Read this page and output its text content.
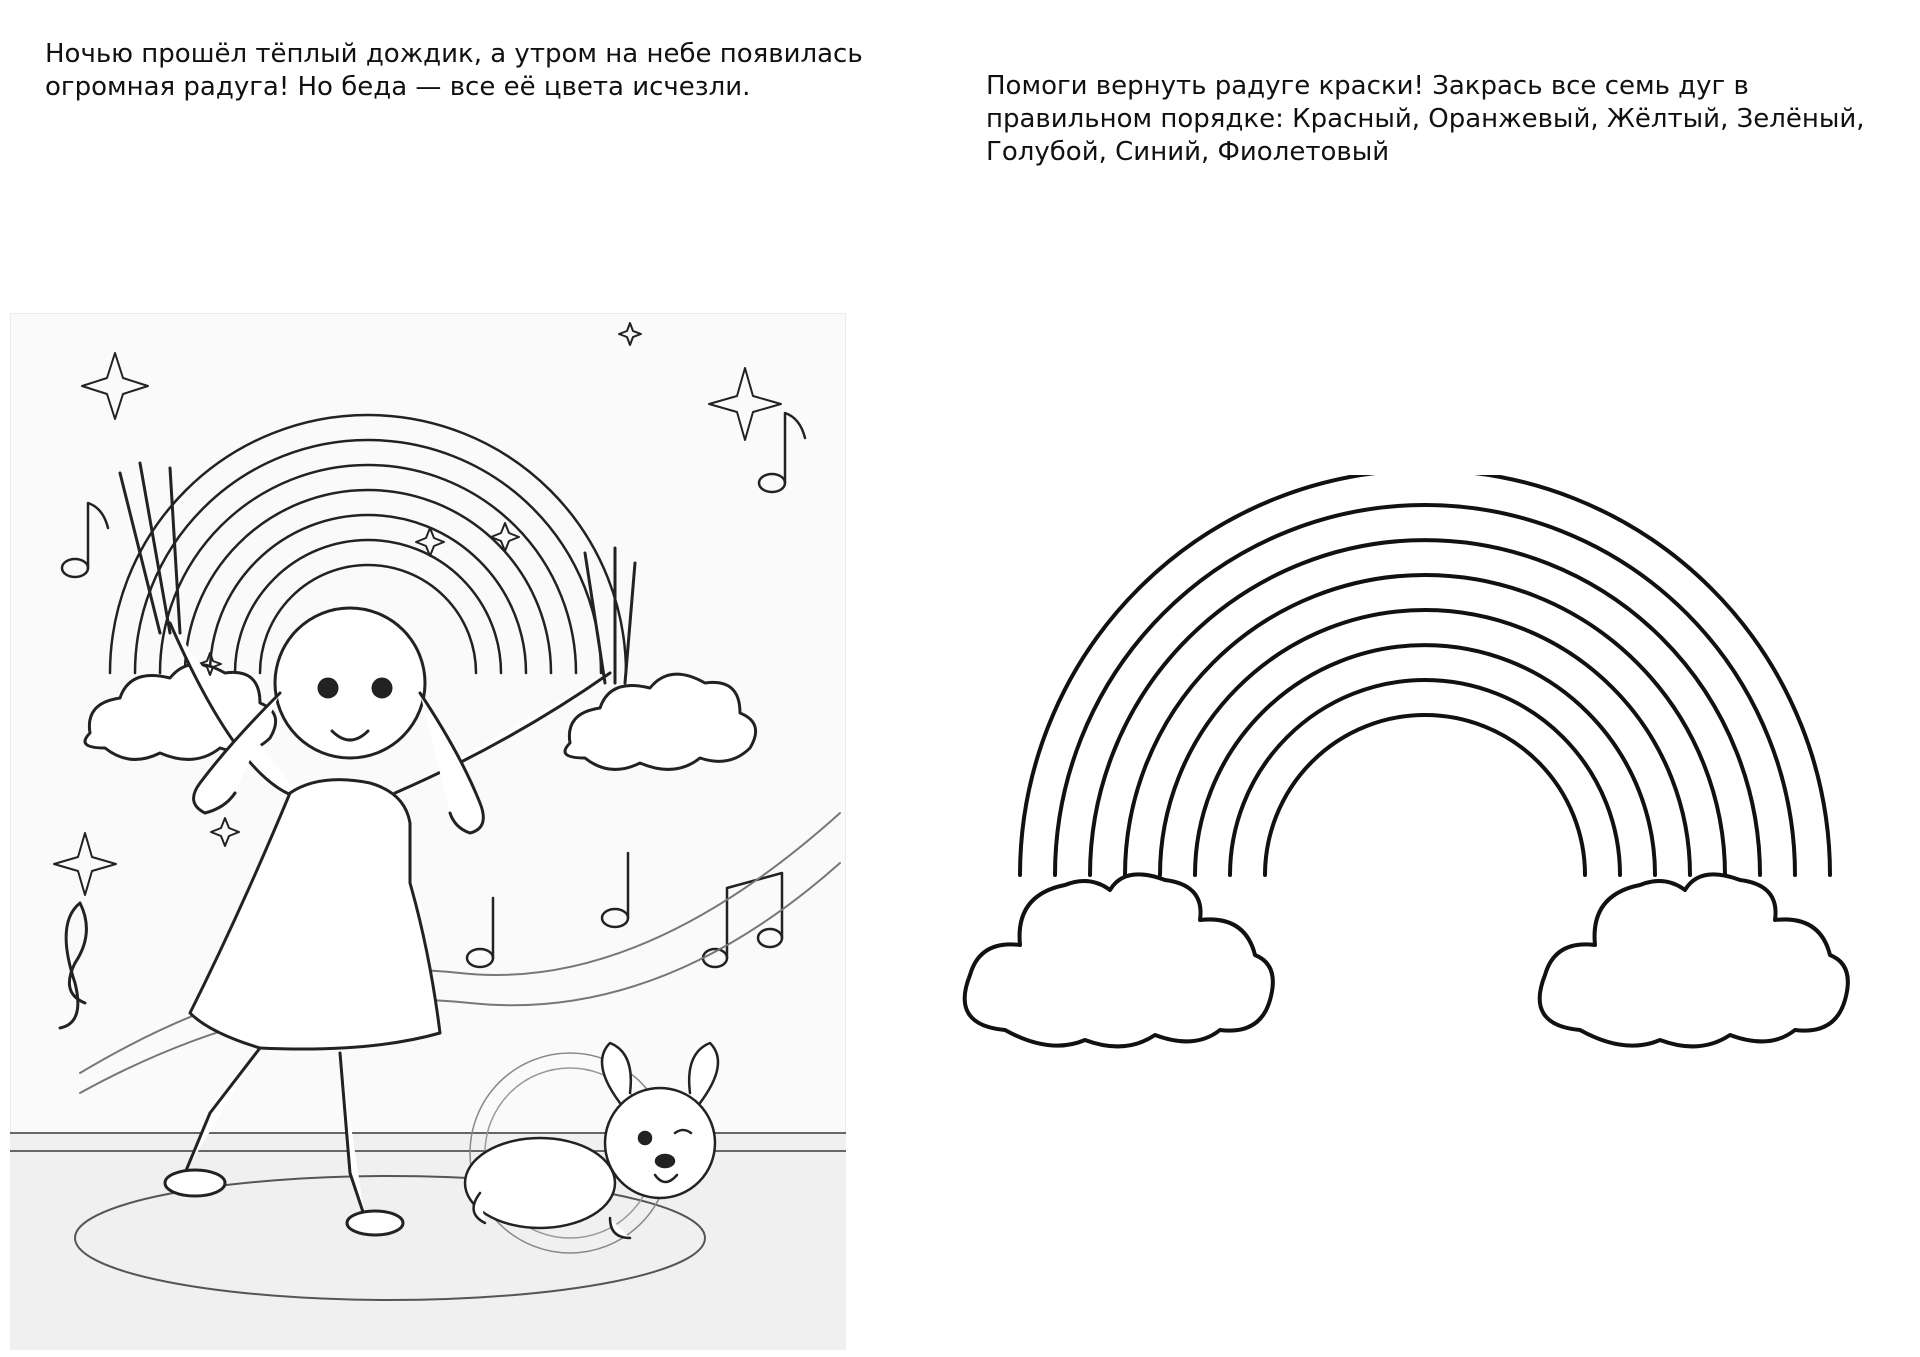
Ночью прошёл тёплый дождик, а утром на небе появилась огромная радуга! Но беда — все её цвета исчезли.	Помоги вернуть радуге краски! Закрась все семь дуг в правильном порядке: Красный, Оранжевый, Жёлтый, Зелёный, Голубой, Синий, Фиолетовый
